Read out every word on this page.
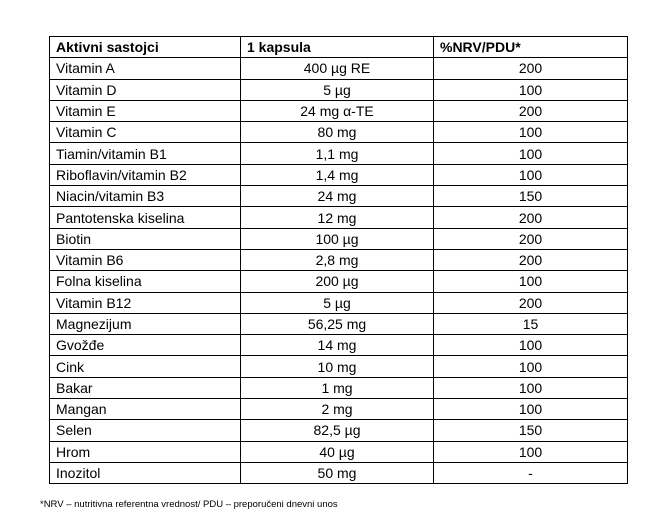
Aktivni sastojci	1 kapsula	%NRV/PDU*
Vitamin A	400 µg RE	200
Vitamin D	5 µg	100
Vitamin E	24 mg α-TE	200
Vitamin C	80 mg	100
Tiamin/vitamin B1	1,1 mg	100
Riboflavin/vitamin B2	1,4 mg	100
Niacin/vitamin B3	24 mg	150
Pantotenska kiselina	12 mg	200
Biotin	100 µg	200
Vitamin B6	2,8 mg	200
Folna kiselina	200 µg	100
Vitamin B12	5 µg	200
Magnezijum	56,25 mg	15
Gvožđe	14 mg	100
Cink	10 mg	100
Bakar	1 mg	100
Mangan	2 mg	100
Selen	82,5 µg	150
Hrom	40 µg	100
Inozitol	50 mg	-
*NRV – nutritivna referentna vrednost/ PDU – preporučeni dnevni unos
